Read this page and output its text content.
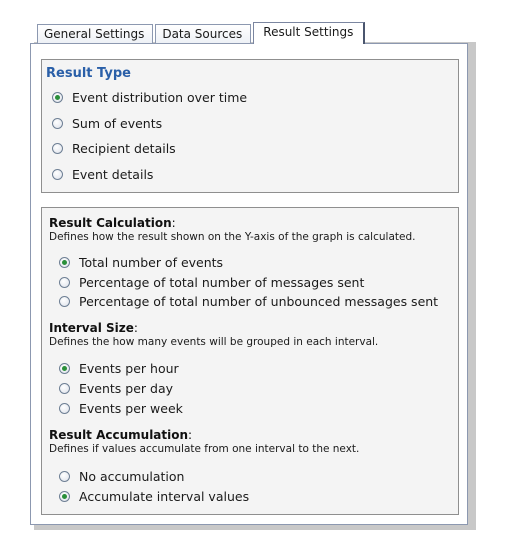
General Settings	Data Sources	Result Settings
Result Type
Event distribution over time
Sum of events
Recipient details
Event details
Result Calculation:
Defines how the result shown on the Y-axis of the graph is calculated.
Total number of events
Percentage of total number of messages sent
Percentage of total number of unbounced messages sent
Interval Size:
Defines the how many events will be grouped in each interval.
Events per hour
Events per day
Events per week
Result Accumulation:
Defines if values accumulate from one interval to the next.
No accumulation
Accumulate interval values
